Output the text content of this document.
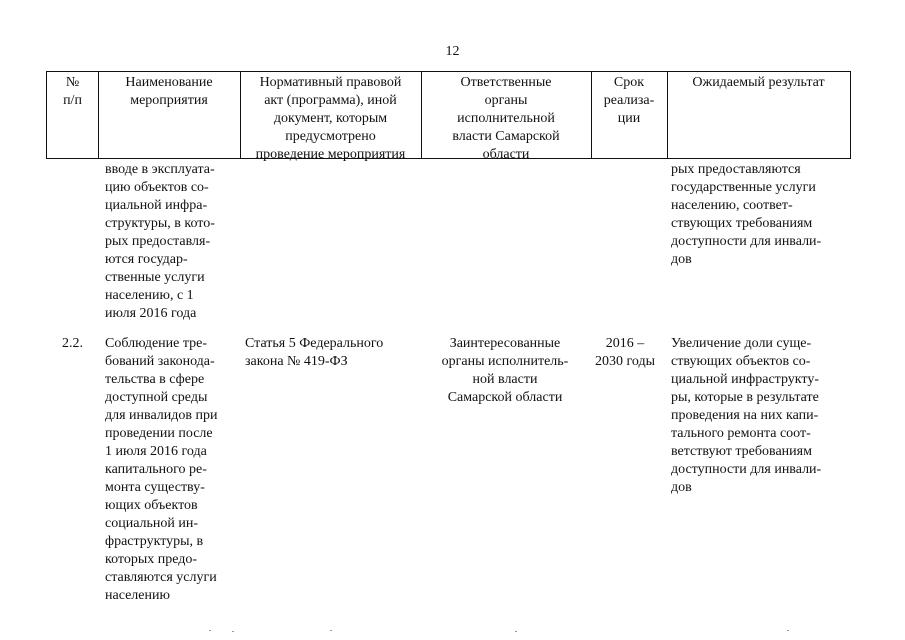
12
№
п/п
Наименование
мероприятия
Нормативный правовой
акт (программа), иной
документ, которым
предусмотрено
проведение мероприятия
Ответственные
органы
исполнительной
власти Самарской
области
Срок
реализа-
ции
Ожидаемый результат
вводе в эксплуата-
цию объектов со-
циальной инфра-
структуры, в кото-
рых предоставля-
ются государ-
ственные услуги
населению, с 1
июля 2016 года
рых предоставляются
государственные услуги
населению, соответ-
ствующих требованиям
доступности для инвали-
дов
2.2. Соблюдение тре-
бований законода-
тельства в сфере
доступной среды
для инвалидов при
проведении после
1 июля 2016 года
капитального ре-
монта существу-
ющих объектов
социальной ин-
фраструктуры, в
которых предо-
ставляются услуги
населению
Статья 5 Федерального
закона № 419-ФЗ
Заинтересованные
органы исполнитель-
ной власти
Самарской области
2016 –
2030 годы
Увеличение доли суще-
ствующих объектов со-
циальной инфраструкту-
ры, которые в результате
проведения на них капи-
тального ремонта соот-
ветствуют требованиям
доступности для инвали-
дов
